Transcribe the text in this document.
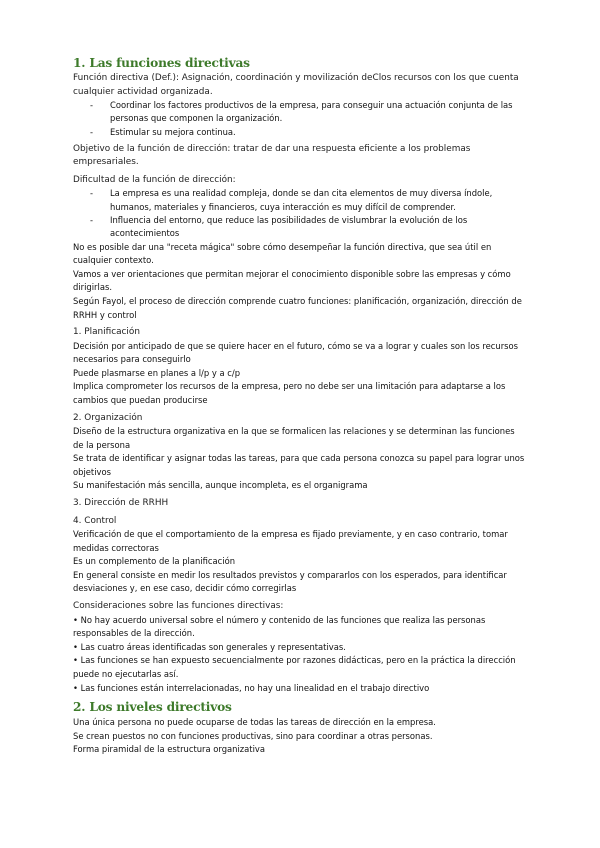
1. Las funciones directivas

Función directiva (Def.): Asignación, coordinación y movilización deClos recursos con los que cuenta cualquier actividad organizada.

- Coordinar los factores productivos de la empresa, para conseguir una actuación conjunta de las personas que componen la organización.
- Estimular su mejora continua.

Objetivo de la función de dirección: tratar de dar una respuesta eficiente a los problemas empresariales.

Dificultad de la función de dirección:

- La empresa es una realidad compleja, donde se dan cita elementos de muy diversa índole, humanos, materiales y financieros, cuya interacción es muy difícil de comprender.
- Influencia del entorno, que reduce las posibilidades de vislumbrar la evolución de los acontecimientos

No es posible dar una "receta mágica" sobre cómo desempeñar la función directiva, que sea útil en cualquier contexto.

Vamos a ver orientaciones que permitan mejorar el conocimiento disponible sobre las empresas y cómo dirigirlas.

Según Fayol, el proceso de dirección comprende cuatro funciones: planificación, organización, dirección de RRHH y control

1. Planificación

Decisión por anticipado de que se quiere hacer en el futuro, cómo se va a lograr y cuales son los recursos necesarios para conseguirlo

Puede plasmarse en planes a l/p y a c/p

Implica comprometer los recursos de la empresa, pero no debe ser una limitación para adaptarse a los cambios que puedan producirse

2. Organización

Diseño de la estructura organizativa en la que se formalicen las relaciones y se determinan las funciones de la persona

Se trata de identificar y asignar todas las tareas, para que cada persona conozca su papel para lograr unos objetivos

Su manifestación más sencilla, aunque incompleta, es el organigrama

3. Dirección de RRHH

4. Control

Verificación de que el comportamiento de la empresa es fijado previamente, y en caso contrario, tomar medidas correctoras

Es un complemento de la planificación

En general consiste en medir los resultados previstos y compararlos con los esperados, para identificar desviaciones y, en ese caso, decidir cómo corregirlas

Consideraciones sobre las funciones directivas:

• No hay acuerdo universal sobre el número y contenido de las funciones que realiza las personas responsables de la dirección.

• Las cuatro áreas identificadas son generales y representativas.

• Las funciones se han expuesto secuencialmente por razones didácticas, pero en la práctica la dirección puede no ejecutarlas así.

• Las funciones están interrelacionadas, no hay una linealidad en el trabajo directivo

2. Los niveles directivos

Una única persona no puede ocuparse de todas las tareas de dirección en la empresa.

Se crean puestos no con funciones productivas, sino para coordinar a otras personas.

Forma piramidal de la estructura organizativa
